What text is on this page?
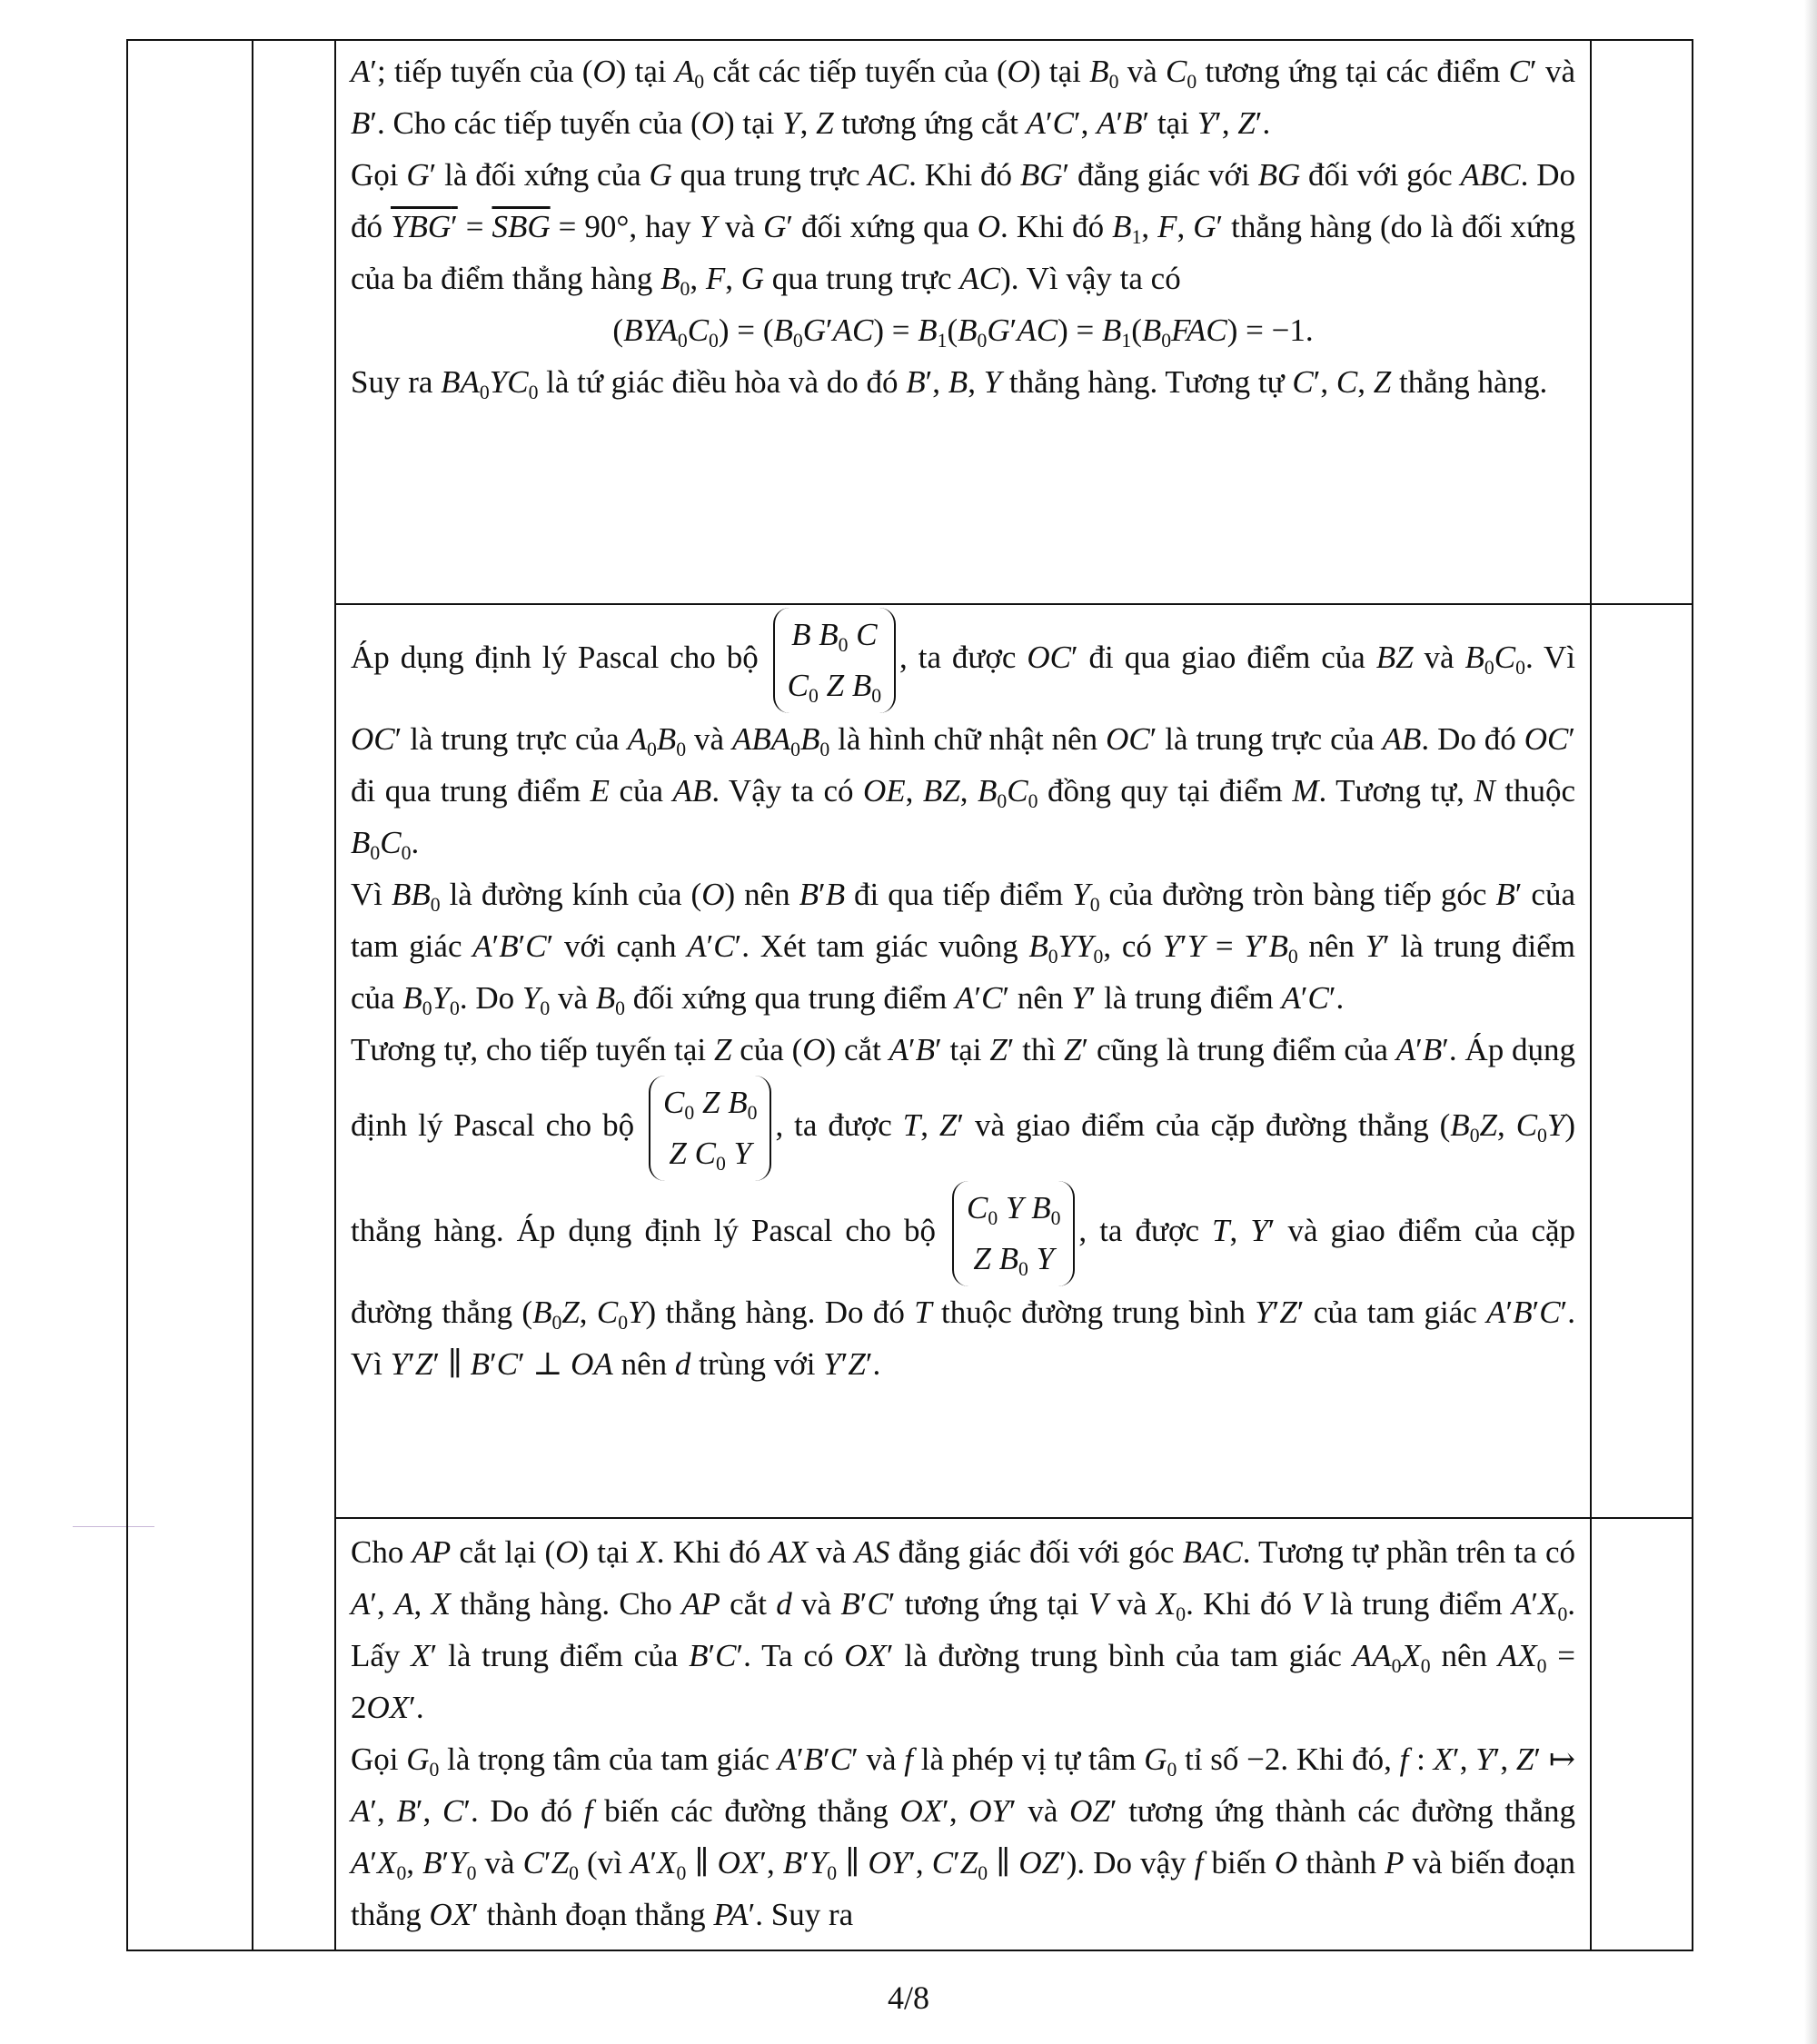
A′; tiếp tuyến của (O) tại $A_0$ cắt các tiếp tuyến của (O) tại $B_0$ và $C_0$ tương ứng tại các điểm C′ và B′. Cho các tiếp tuyến của (O) tại Y, Z tương ứng cắt A′C′, A′B′ tại Y′, Z′.

Gọi G′ là đối xứng của G qua trung trực AC. Khi đó BG′ đẳng giác với BG đối với góc ABC. Do đó $YBG' = \overline{SBG} = 90^\circ$, hay Y và G′ đối xứng qua O. Khi đó $B_1$, F, G′ thẳng hàng (do là đối xứng của ba điểm thẳng hàng $B_0$, F, G qua trung trực AC). Vì vậy ta có

$(BYA_0C_0) = (B_0G'AC) = B_1(B_0G'AC) = B_1(B_0FAC) = -1$.

Suy ra $BA_0YC_0$ là tứ giác điều hòa và do đó B′, B, Y thẳng hàng. Tương tự C′, C, Z thẳng hàng.

Áp dụng định lý Pascal cho bộ
B $B_0$ C
$C_0$ Z $B_0$
, ta được OC′ đi qua giao điểm của BZ và $B_0C_0$. Vì OC′ là trung trực của $A_0B_0$ và $ABA_0B_0$ là hình chữ nhật nên OC′ là trung trực của AB. Do đó OC′ đi qua trung điểm E của AB. Vậy ta có OE, BZ, $B_0C_0$ đồng quy tại điểm M. Tương tự, N thuộc $B_0C_0$.

Vì $BB_0$ là đường kính của (O) nên B′B đi qua tiếp điểm $Y_0$ của đường tròn bàng tiếp góc B′ của tam giác A′B′C′ với cạnh A′C′. Xét tam giác vuông $B_0YY_0$, có $Y'Y = Y'B_0$ nên Y′ là trung điểm của $B_0Y_0$. Do $Y_0$ và $B_0$ đối xứng qua trung điểm A′C′ nên Y′ là trung điểm A′C′.

Tương tự, cho tiếp tuyến tại Z của (O) cắt A′B′ tại Z′ thì Z′ cũng là trung điểm của A′B′. Áp dụng định lý Pascal cho bộ
$C_0$ Z $B_0$
Z $C_0$ Y
, ta được T, Z′ và giao điểm của cặp đường thẳng ($B_0Z$, $C_0Y$) thẳng hàng. Áp dụng định lý Pascal cho bộ
$C_0$ Y $B_0$
Z $B_0$ Y
, ta được T, Y′ và giao điểm của cặp đường thẳng ($B_0Z$, $C_0Y$) thẳng hàng. Do đó T thuộc đường trung bình Y′Z′ của tam giác A′B′C′. Vì Y′Z′ ∥ B′C′ ⊥ OA nên d trùng với Y′Z′.

Cho AP cắt lại (O) tại X. Khi đó AX và AS đẳng giác đối với góc BAC. Tương tự phần trên ta có A′, A, X thẳng hàng. Cho AP cắt d và B′C′ tương ứng tại V và $X_0$. Khi đó V là trung điểm $A'X_0$. Lấy X′ là trung điểm của B′C′. Ta có OX′ là đường trung bình của tam giác $AA_0X_0$ nên $AX_0 = 2OX'$.

Gọi $G_0$ là trọng tâm của tam giác A′B′C′ và f là phép vị tự tâm $G_0$ tỉ số −2. Khi đó, f : X′, Y′, Z′ ↦ A′, B′, C′. Do đó f biến các đường thẳng OX′, OY′ và OZ′ tương ứng thành các đường thẳng $A'X_0$, $B'Y_0$ và $C'Z_0$ (vì $A'X_0$ ∥ OX′, $B'Y_0$ ∥ OY′, $C'Z_0$ ∥ OZ′). Do vậy f biến O thành P và biến đoạn thẳng OX′ thành đoạn thẳng PA′. Suy ra

4/8
